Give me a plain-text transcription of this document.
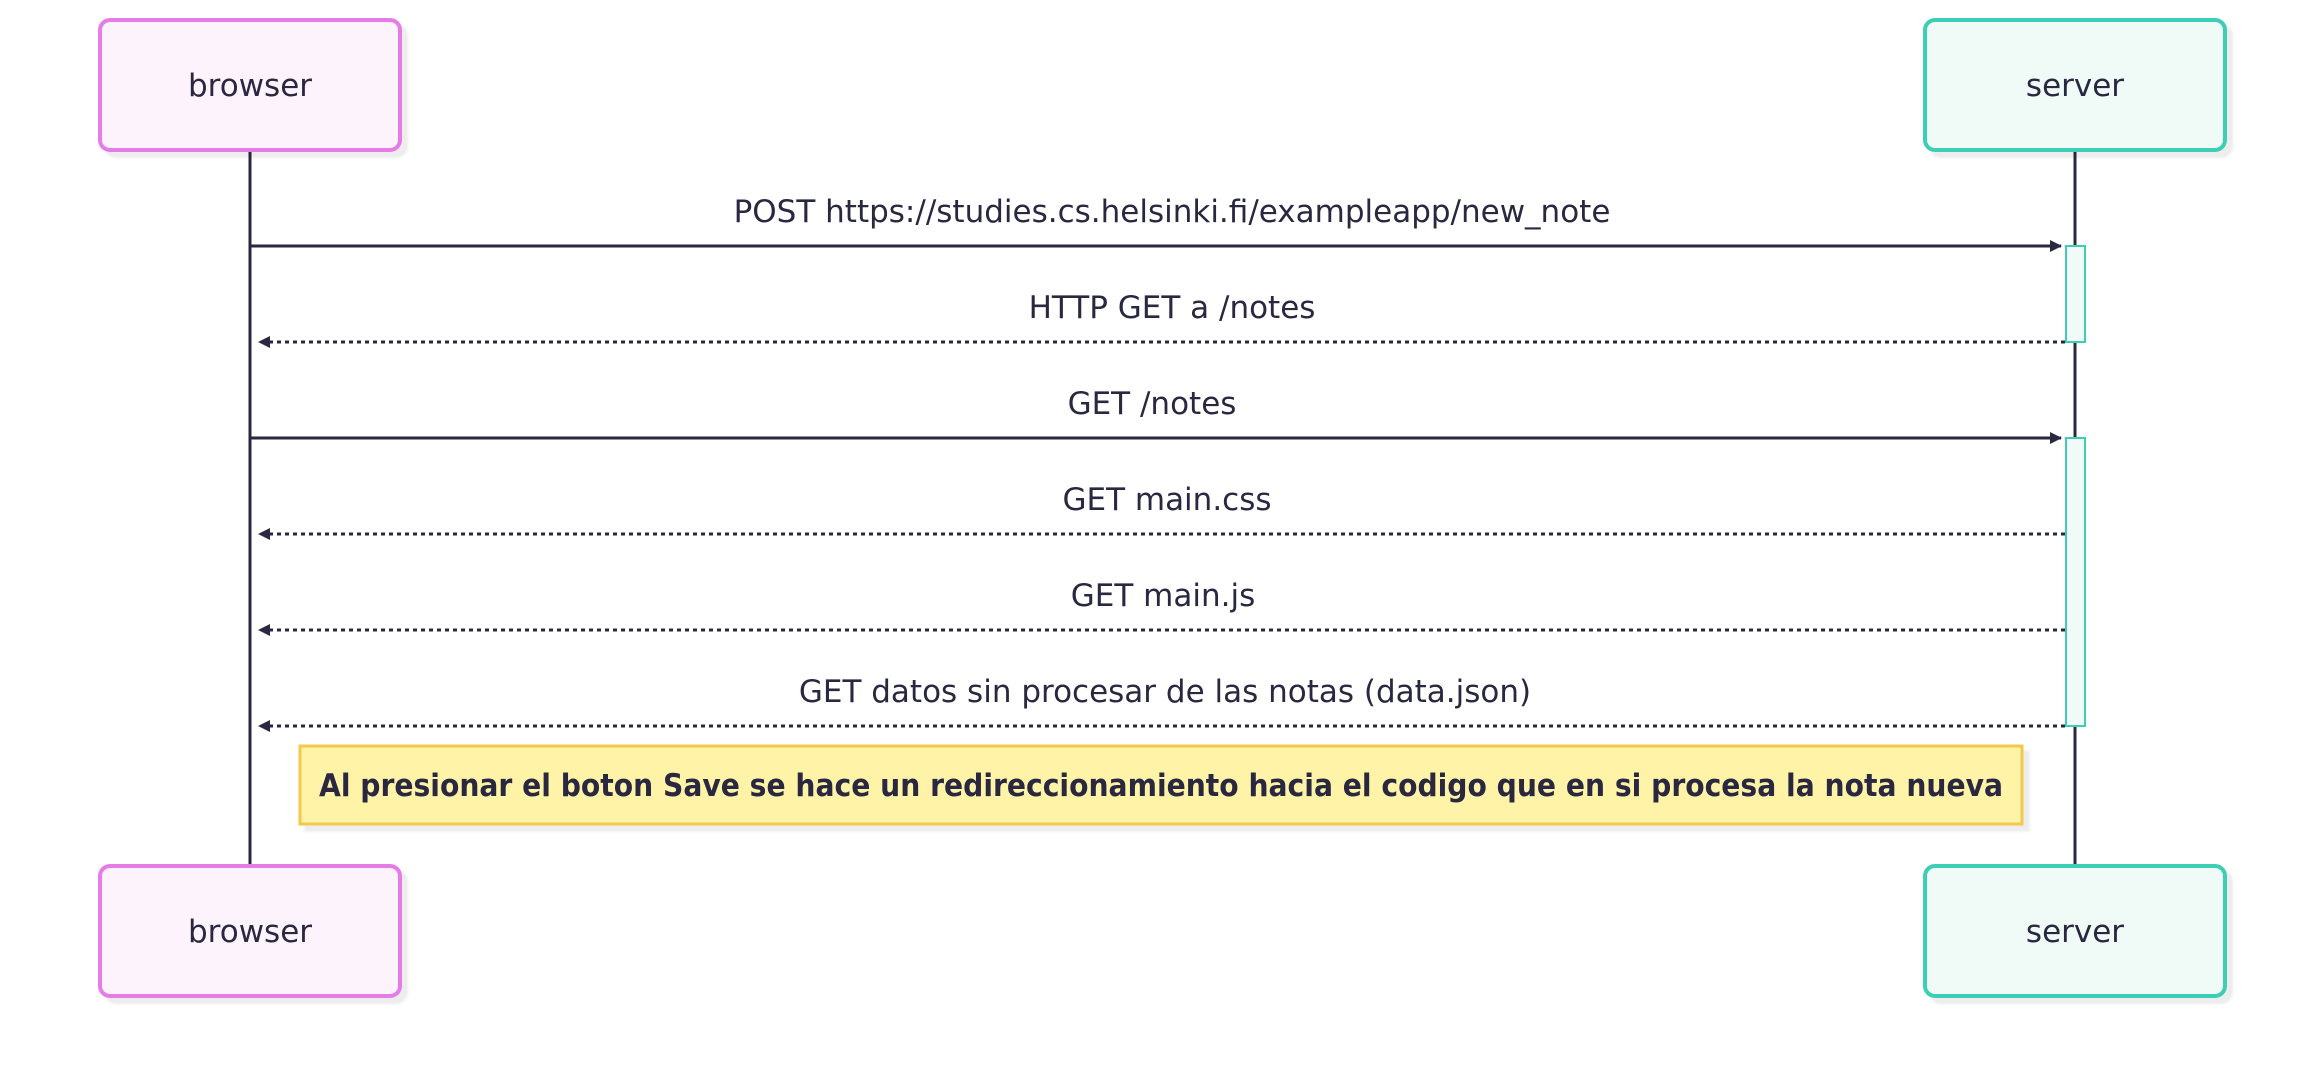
browser	server
browser	server
POST https://studies.cs.helsinki.fi/exampleapp/new_note
HTTP GET a /notes
GET /notes
GET main.css
GET main.js
GET datos sin procesar de las notas (data.json)
Al presionar el boton Save se hace un redireccionamiento hacia el codigo que en si procesa la nota nueva
